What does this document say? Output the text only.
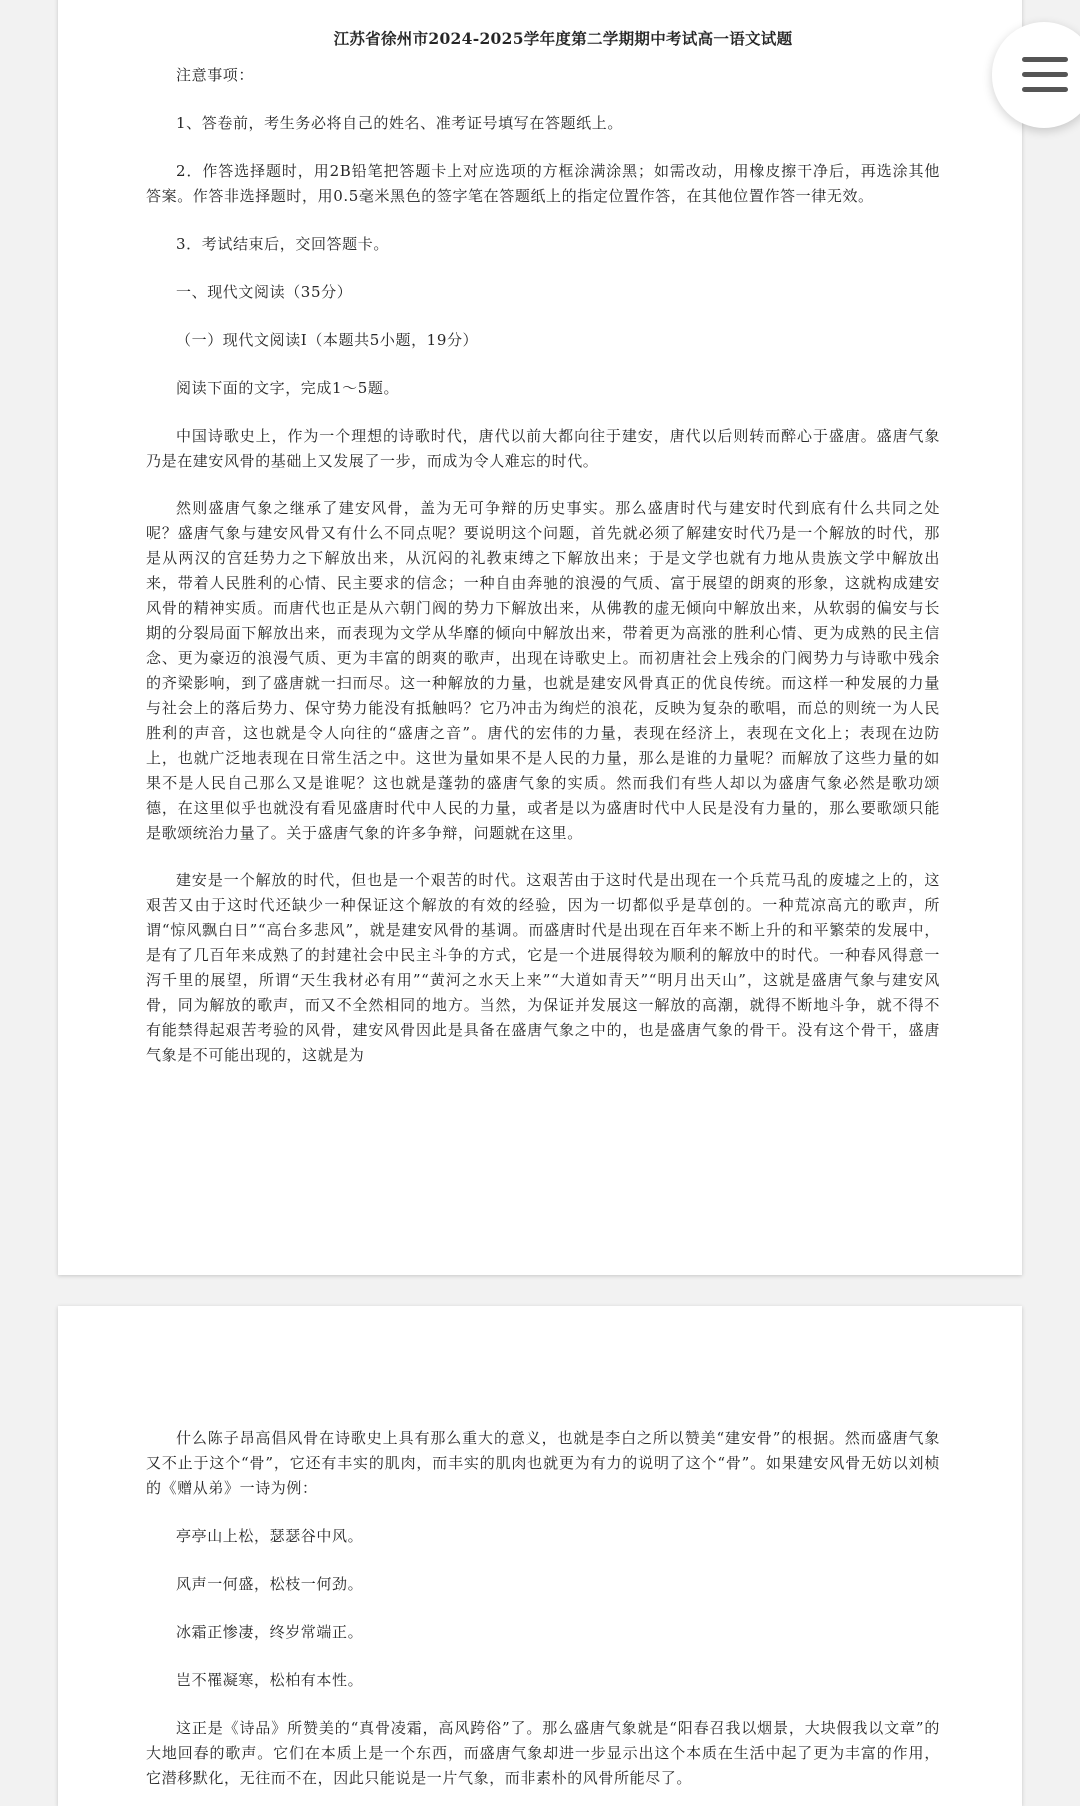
江苏省徐州市2024-2025学年度第二学期期中考试高一语文试题

注意事项：

1、答卷前，考生务必将自己的姓名、准考证号填写在答题纸上。

2．作答选择题时，用2B铅笔把答题卡上对应选项的方框涂满涂黑；如需改动，用橡皮擦干净后，再选涂其他答案。作答非选择题时，用0.5毫米黑色的签字笔在答题纸上的指定位置作答，在其他位置作答一律无效。

3．考试结束后，交回答题卡。

一、现代文阅读（35分）

（一）现代文阅读Ⅰ（本题共5小题，19分）

阅读下面的文字，完成1～5题。

中国诗歌史上，作为一个理想的诗歌时代，唐代以前大都向往于建安，唐代以后则转而醉心于盛唐。盛唐气象乃是在建安风骨的基础上又发展了一步，而成为令人难忘的时代。

然则盛唐气象之继承了建安风骨，盖为无可争辩的历史事实。那么盛唐时代与建安时代到底有什么共同之处呢？盛唐气象与建安风骨又有什么不同点呢？要说明这个问题，首先就必须了解建安时代乃是一个解放的时代，那是从两汉的宫廷势力之下解放出来，从沉闷的礼教束缚之下解放出来；于是文学也就有力地从贵族文学中解放出来，带着人民胜利的心情、民主要求的信念；一种自由奔驰的浪漫的气质、富于展望的朗爽的形象，这就构成建安风骨的精神实质。而唐代也正是从六朝门阀的势力下解放出来，从佛教的虚无倾向中解放出来，从软弱的偏安与长期的分裂局面下解放出来，而表现为文学从华靡的倾向中解放出来，带着更为高涨的胜利心情、更为成熟的民主信念、更为豪迈的浪漫气质、更为丰富的朗爽的歌声，出现在诗歌史上。而初唐社会上残余的门阀势力与诗歌中残余的齐梁影响，到了盛唐就一扫而尽。这一种解放的力量，也就是建安风骨真正的优良传统。而这样一种发展的力量与社会上的落后势力、保守势力能没有抵触吗？它乃冲击为绚烂的浪花，反映为复杂的歌唱，而总的则统一为人民胜利的声音，这也就是令人向往的“盛唐之音”。唐代的宏伟的力量，表现在经济上，表现在文化上；表现在边防上，也就广泛地表现在日常生活之中。这世为量如果不是人民的力量，那么是谁的力量呢？而解放了这些力量的如果不是人民自己那么又是谁呢？这也就是蓬勃的盛唐气象的实质。然而我们有些人却以为盛唐气象必然是歌功颂德，在这里似乎也就没有看见盛唐时代中人民的力量，或者是以为盛唐时代中人民是没有力量的，那么要歌颂只能是歌颂统治力量了。关于盛唐气象的许多争辩，问题就在这里。

建安是一个解放的时代，但也是一个艰苦的时代。这艰苦由于这时代是出现在一个兵荒马乱的废墟之上的，这艰苦又由于这时代还缺少一种保证这个解放的有效的经验，因为一切都似乎是草创的。一种荒凉高亢的歌声，所谓“惊风飘白日”“高台多悲风”，就是建安风骨的基调。而盛唐时代是出现在百年来不断上升的和平繁荣的发展中，是有了几百年来成熟了的封建社会中民主斗争的方式，它是一个进展得较为顺利的解放中的时代。一种春风得意一泻千里的展望，所谓“天生我材必有用”“黄河之水天上来”“大道如青天”“明月出天山”，这就是盛唐气象与建安风骨，同为解放的歌声，而又不全然相同的地方。当然，为保证并发展这一解放的高潮，就得不断地斗争，就不得不有能禁得起艰苦考验的风骨，建安风骨因此是具备在盛唐气象之中的，也是盛唐气象的骨干。没有这个骨干，盛唐气象是不可能出现的，这就是为

什么陈子昂高倡风骨在诗歌史上具有那么重大的意义，也就是李白之所以赞美“建安骨”的根据。然而盛唐气象又不止于这个“骨”，它还有丰实的肌肉，而丰实的肌肉也就更为有力的说明了这个“骨”。如果建安风骨无妨以刘桢的《赠从弟》一诗为例：

亭亭山上松，瑟瑟谷中风。

风声一何盛，松枝一何劲。

冰霜正惨凄，终岁常端正。

岂不罹凝寒，松柏有本性。

这正是《诗品》所赞美的“真骨凌霜，高风跨俗”了。那么盛唐气象就是“阳春召我以烟景，大块假我以文章”的大地回春的歌声。它们在本质上是一个东西，而盛唐气象却进一步显示出这个本质在生活中起了更为丰富的作用，它潜移默化，无往而不在，因此只能说是一片气象，而非素朴的风骨所能尽了。
